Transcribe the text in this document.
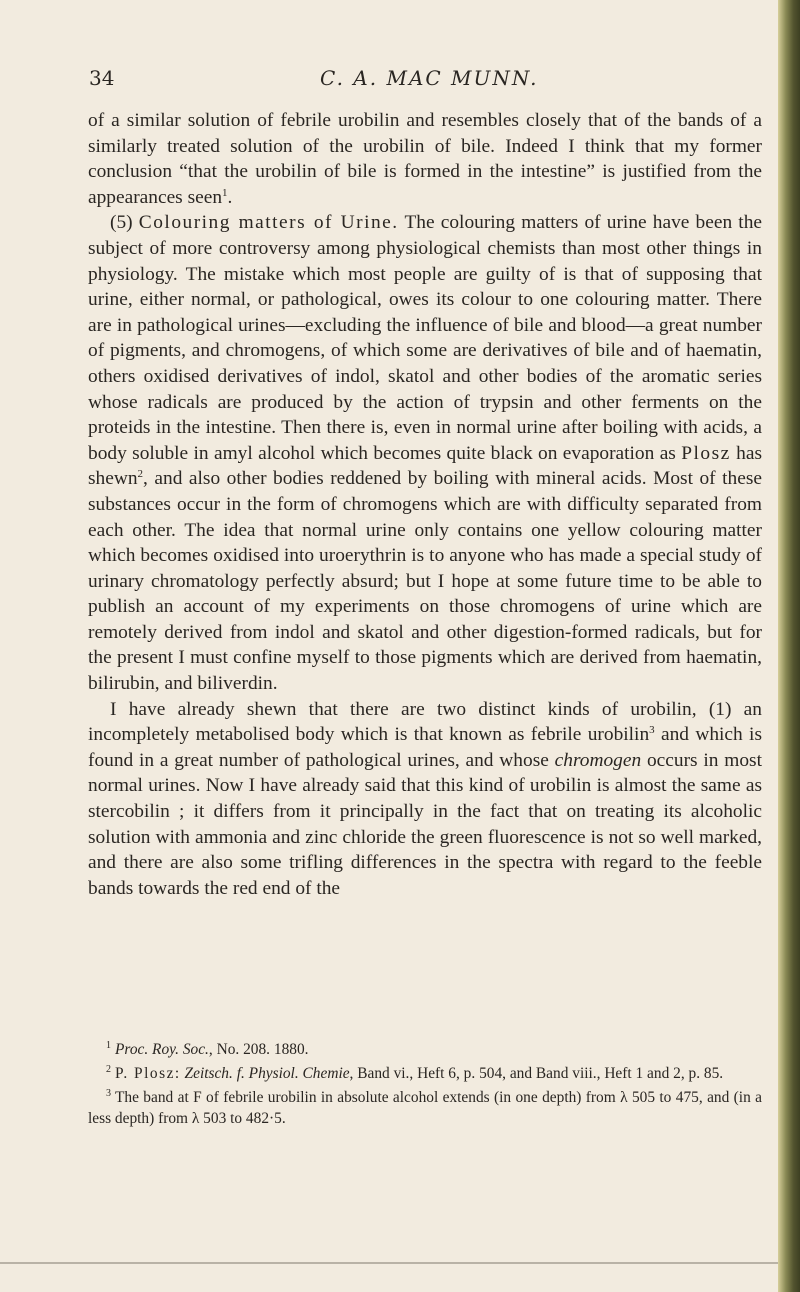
34	C. A. MAC MUNN.

of a similar solution of febrile urobilin and resembles closely that of the bands of a similarly treated solution of the urobilin of bile. Indeed I think that my former conclusion “that the urobilin of bile is formed in the intestine” is justified from the appearances seen$^1$.

(5) Colouring matters of Urine. The colouring matters of urine have been the subject of more controversy among physiological chemists than most other things in physiology. The mistake which most people are guilty of is that of supposing that urine, either normal, or pathological, owes its colour to one colouring matter. There are in pathological urines—excluding the influence of bile and blood—a great number of pigments, and chromogens, of which some are derivatives of bile and of haematin, others oxidised derivatives of indol, skatol and other bodies of the aromatic series whose radicals are produced by the action of trypsin and other ferments on the proteids in the intestine. Then there is, even in normal urine after boiling with acids, a body soluble in amyl alcohol which becomes quite black on evaporation as Plosz has shewn$^2$, and also other bodies reddened by boiling with mineral acids. Most of these substances occur in the form of chromogens which are with difficulty separated from each other. The idea that normal urine only contains one yellow colouring matter which becomes oxidised into uroerythrin is to anyone who has made a special study of urinary chromatology perfectly absurd; but I hope at some future time to be able to publish an account of my experiments on those chromogens of urine which are remotely derived from indol and skatol and other digestion-formed radicals, but for the present I must confine myself to those pigments which are derived from haematin, bilirubin, and biliverdin.

I have already shewn that there are two distinct kinds of urobilin, (1) an incompletely metabolised body which is that known as febrile urobilin$^3$ and which is found in a great number of pathological urines, and whose chromogen occurs in most normal urines. Now I have already said that this kind of urobilin is almost the same as stercobilin ; it differs from it principally in the fact that on treating its alcoholic solution with ammonia and zinc chloride the green fluorescence is not so well marked, and there are also some trifling differences in the spectra with regard to the feeble bands towards the red end of the

$^1$ Proc. Roy. Soc., No. 208. 1880.

$^2$ P. Plosz: Zeitsch. f. Physiol. Chemie, Band vi., Heft 6, p. 504, and Band viii., Heft 1 and 2, p. 85.

$^3$ The band at F of febrile urobilin in absolute alcohol extends (in one depth) from λ 505 to 475, and (in a less depth) from λ 503 to 482·5.
